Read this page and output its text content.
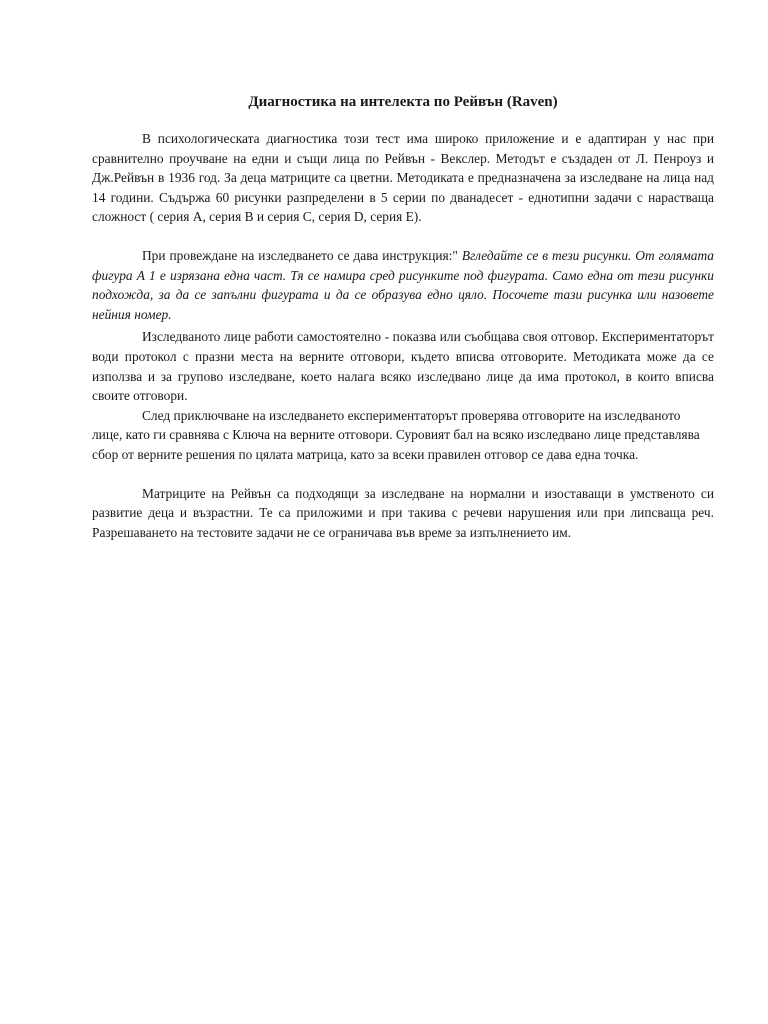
Диагностика на интелекта по Рейвън (Raven)

В психологическата диагностика този тест има широко приложение и е адаптиран у нас при сравнително проучване на едни и същи лица по Рейвън - Векслер. Методът е създаден от Л. Пенроуз и Дж.Рейвън в 1936 год. За деца матриците са цветни. Методиката е предназначена за изследване на лица над 14 години. Съдържа 60 рисунки разпределени в 5 серии по дванадесет - еднотипни задачи с нарастваща сложност ( серия А, серия В и серия С, серия D, серия Е).

При провеждане на изследването се дава инструкция:" Вгледайте се в тези рисунки. От голямата фигура А 1 е изрязана една част. Тя се намира сред рисунките под фигурата. Само една от тези рисунки подхожда, за да се запълни фигурата и да се образува едно цяло. Посочете тази рисунка или назовете нейния номер.

Изследваното лице работи самостоятелно - показва или съобщава своя отговор. Експериментаторът води протокол с празни места на верните отговори, където вписва отговорите. Методиката може да се използва и за групово изследване, което налага всяко изследвано лице да има протокол, в които вписва своите отговори.

След приключване на изследването експериментаторът проверява отговорите на изследваното лице, като ги сравнява с Ключа на верните отговори. Суровият бал на всяко изследвано лице представлява сбор от верните решения по цялата матрица, като за всеки правилен отговор се дава една точка.

Матриците на Рейвън са подходящи за изследване на нормални и изоставащи в умственото си развитие деца и възрастни. Те са приложими и при такива с речеви нарушения или при липсваща реч. Разрешаването на тестовите задачи не се ограничава във време за изпълнението им.
